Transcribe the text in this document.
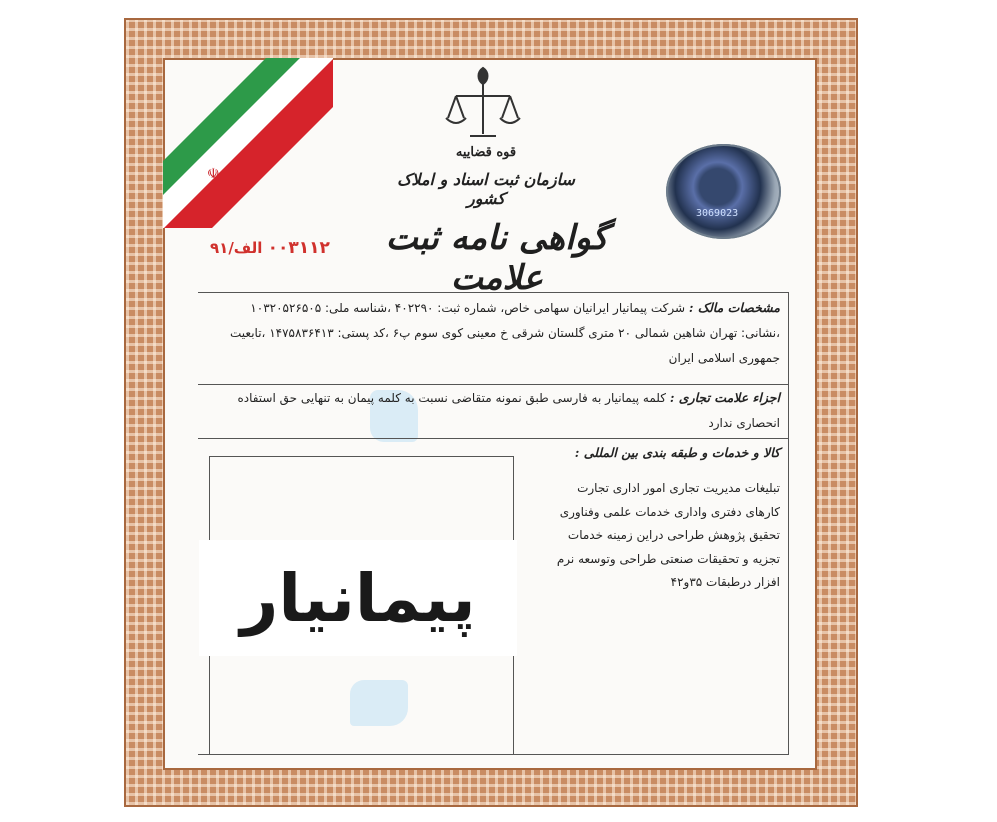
☫
قوه قضاییه
سازمان ثبت اسناد و املاک کشور
3069023
گواهی نامه ثبت علامت
۰۰۳۱۱۲ الف/۹۱
مشخصات مالک : شرکت پیمانیار ایرانیان سهامی خاص، شماره ثبت: ۴۰۲۲۹۰ ،شناسه ملی: ۱۰۳۲۰۵۲۶۵۰۵ ،نشانی: تهران شاهین شمالی ۲۰ متری گلستان شرقی خ معینی کوی سوم پ۶ ،کد پستی: ۱۴۷۵۸۳۶۴۱۳ ،تابعیت جمهوری اسلامی ایران
اجزاء علامت تجاری : کلمه پیمانیار به فارسی طبق نمونه متقاضی نسبت به کلمه پیمان به تنهایی حق استفاده انحصاری ندارد
کالا و خدمات و طبقه بندی بین المللی :
تبلیغات مدیریت تجاری امور اداری تجارت
کارهای دفتری واداری خدمات علمی وفناوری
تحقیق پژوهش طراحی دراین زمینه خدمات
تجزیه و تحقیقات صنعتی طراحی وتوسعه نرم
افزار درطبقات ۳۵و۴۲
پیمانیار
